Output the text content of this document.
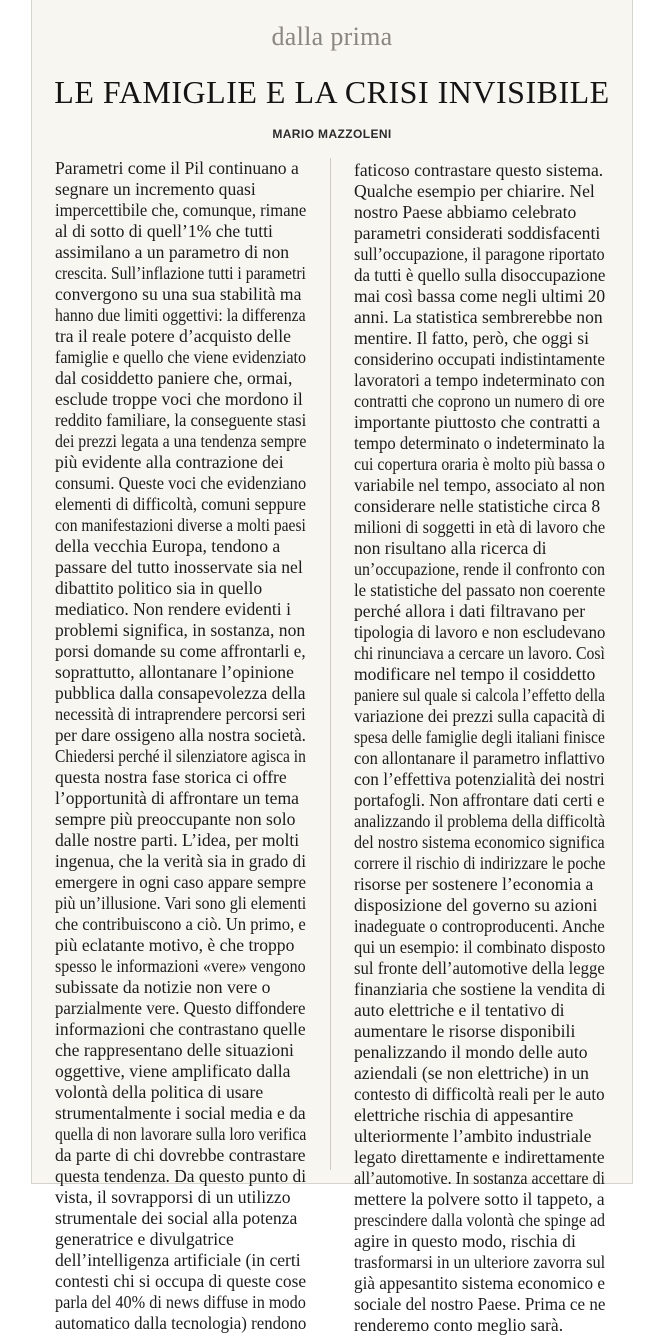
dalla prima
LE FAMIGLIE E LA CRISI INVISIBILE
MARIO MAZZOLENI
Parametri come il Pil continuano a
segnare un incremento quasi
impercettibile che, comunque, rimane
al di sotto di quell’1% che tutti
assimilano a un parametro di non
crescita. Sull’inflazione tutti i parametri
convergono su una sua stabilità ma
hanno due limiti oggettivi: la differenza
tra il reale potere d’acquisto delle
famiglie e quello che viene evidenziato
dal cosiddetto paniere che, ormai,
esclude troppe voci che mordono il
reddito familiare, la conseguente stasi
dei prezzi legata a una tendenza sempre
più evidente alla contrazione dei
consumi. Queste voci che evidenziano
elementi di difficoltà, comuni seppure
con manifestazioni diverse a molti paesi
della vecchia Europa, tendono a
passare del tutto inosservate sia nel
dibattito politico sia in quello
mediatico. Non rendere evidenti i
problemi significa, in sostanza, non
porsi domande su come affrontarli e,
soprattutto, allontanare l’opinione
pubblica dalla consapevolezza della
necessità di intraprendere percorsi seri
per dare ossigeno alla nostra società.
Chiedersi perché il silenziatore agisca in
questa nostra fase storica ci offre
l’opportunità di affrontare un tema
sempre più preoccupante non solo
dalle nostre parti. L’idea, per molti
ingenua, che la verità sia in grado di
emergere in ogni caso appare sempre
più un’illusione. Vari sono gli elementi
che contribuiscono a ciò. Un primo, e
più eclatante motivo, è che troppo
spesso le informazioni «vere» vengono
subissate da notizie non vere o
parzialmente vere. Questo diffondere
informazioni che contrastano quelle
che rappresentano delle situazioni
oggettive, viene amplificato dalla
volontà della politica di usare
strumentalmente i social media e da
quella di non lavorare sulla loro verifica
da parte di chi dovrebbe contrastare
questa tendenza. Da questo punto di
vista, il sovrapporsi di un utilizzo
strumentale dei social alla potenza
generatrice e divulgatrice
dell’intelligenza artificiale (in certi
contesti chi si occupa di queste cose
parla del 40% di news diffuse in modo
automatico dalla tecnologia) rendono
faticoso contrastare questo sistema.
Qualche esempio per chiarire. Nel
nostro Paese abbiamo celebrato
parametri considerati soddisfacenti
sull’occupazione, il paragone riportato
da tutti è quello sulla disoccupazione
mai così bassa come negli ultimi 20
anni. La statistica sembrerebbe non
mentire. Il fatto, però, che oggi si
considerino occupati indistintamente
lavoratori a tempo indeterminato con
contratti che coprono un numero di ore
importante piuttosto che contratti a
tempo determinato o indeterminato la
cui copertura oraria è molto più bassa o
variabile nel tempo, associato al non
considerare nelle statistiche circa 8
milioni di soggetti in età di lavoro che
non risultano alla ricerca di
un’occupazione, rende il confronto con
le statistiche del passato non coerente
perché allora i dati filtravano per
tipologia di lavoro e non escludevano
chi rinunciava a cercare un lavoro. Così
modificare nel tempo il cosiddetto
paniere sul quale si calcola l’effetto della
variazione dei prezzi sulla capacità di
spesa delle famiglie degli italiani finisce
con allontanare il parametro inflattivo
con l’effettiva potenzialità dei nostri
portafogli. Non affrontare dati certi e
analizzando il problema della difficoltà
del nostro sistema economico significa
correre il rischio di indirizzare le poche
risorse per sostenere l’economia a
disposizione del governo su azioni
inadeguate o controproducenti. Anche
qui un esempio: il combinato disposto
sul fronte dell’automotive della legge
finanziaria che sostiene la vendita di
auto elettriche e il tentativo di
aumentare le risorse disponibili
penalizzando il mondo delle auto
aziendali (se non elettriche) in un
contesto di difficoltà reali per le auto
elettriche rischia di appesantire
ulteriormente l’ambito industriale
legato direttamente e indirettamente
all’automotive. In sostanza accettare di
mettere la polvere sotto il tappeto, a
prescindere dalla volontà che spinge ad
agire in questo modo, rischia di
trasformarsi in un ulteriore zavorra sul
già appesantito sistema economico e
sociale del nostro Paese. Prima ce ne
renderemo conto meglio sarà.
